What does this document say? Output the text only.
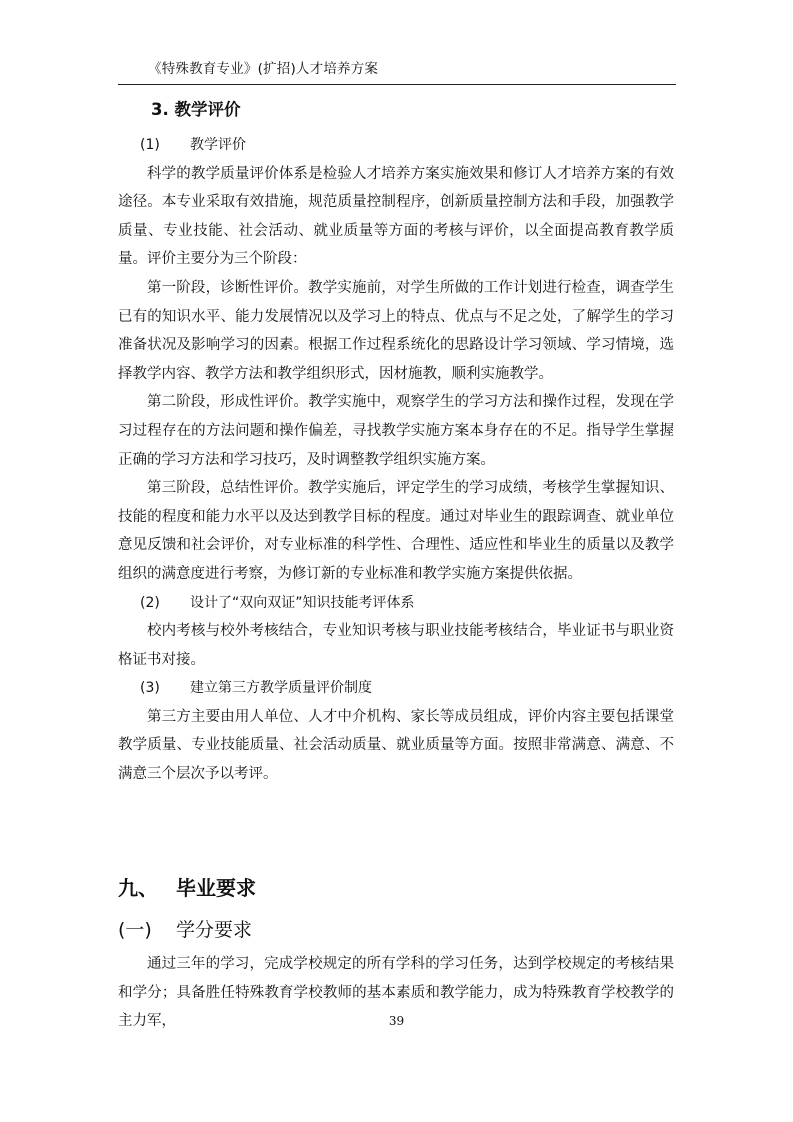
《特殊教育专业》(扩招)人才培养方案
3. 教学评价

(1) 教学评价

科学的教学质量评价体系是检验人才培养方案实施效果和修订人才培养方案的有效途径。本专业采取有效措施，规范质量控制程序，创新质量控制方法和手段，加强教学质量、专业技能、社会活动、就业质量等方面的考核与评价，以全面提高教育教学质量。评价主要分为三个阶段：

第一阶段，诊断性评价。教学实施前，对学生所做的工作计划进行检查，调查学生已有的知识水平、能力发展情况以及学习上的特点、优点与不足之处，了解学生的学习准备状况及影响学习的因素。根据工作过程系统化的思路设计学习领域、学习情境，选择教学内容、教学方法和教学组织形式，因材施教，顺利实施教学。

第二阶段，形成性评价。教学实施中，观察学生的学习方法和操作过程，发现在学习过程存在的方法问题和操作偏差，寻找教学实施方案本身存在的不足。指导学生掌握正确的学习方法和学习技巧，及时调整教学组织实施方案。

第三阶段，总结性评价。教学实施后，评定学生的学习成绩，考核学生掌握知识、技能的程度和能力水平以及达到教学目标的程度。通过对毕业生的跟踪调查、就业单位意见反馈和社会评价，对专业标准的科学性、合理性、适应性和毕业生的质量以及教学组织的满意度进行考察，为修订新的专业标准和教学实施方案提供依据。

(2) 设计了“双向双证”知识技能考评体系

校内考核与校外考核结合，专业知识考核与职业技能考核结合，毕业证书与职业资格证书对接。

(3) 建立第三方教学质量评价制度

第三方主要由用人单位、人才中介机构、家长等成员组成，评价内容主要包括课堂教学质量、专业技能质量、社会活动质量、就业质量等方面。按照非常满意、满意、不满意三个层次予以考评。

九、 毕业要求
(一) 学分要求

通过三年的学习，完成学校规定的所有学科的学习任务，达到学校规定的考核结果和学分；具备胜任特殊教育学校教师的基本素质和教学能力，成为特殊教育学校教学的主力军，	39
